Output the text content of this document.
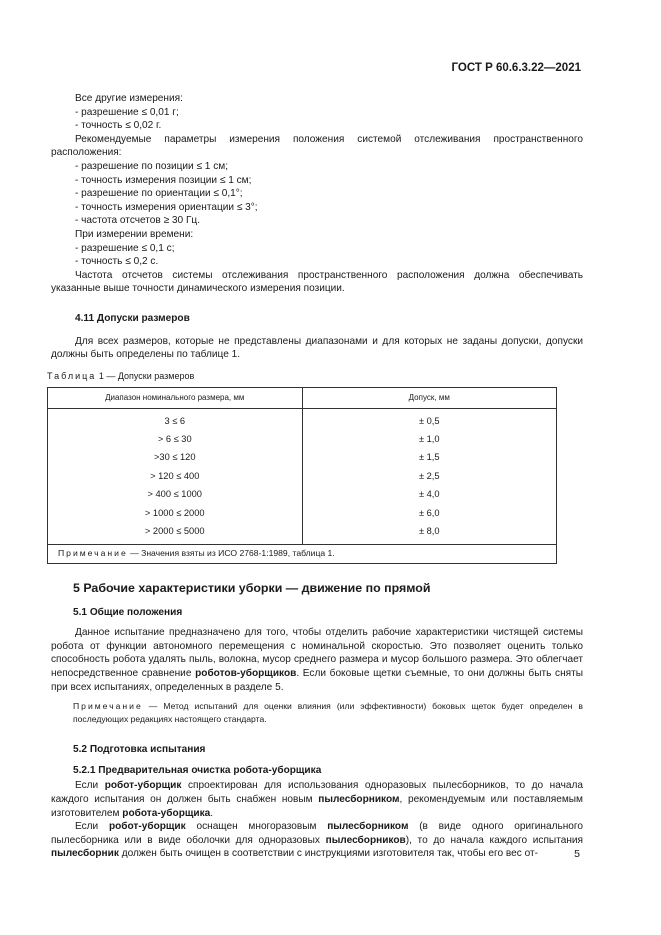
ГОСТ Р 60.6.3.22—2021

Все другие измерения:

- разрешение ≤ 0,01 г;

- точность ≤ 0,02 г.

Рекомендуемые параметры измерения положения системой отслеживания пространственного расположения:

- разрешение по позиции ≤ 1 см;

- точность измерения позиции ≤ 1 см;

- разрешение по ориентации ≤ 0,1°;

- точность измерения ориентации ≤ 3°;

- частота отсчетов ≥ 30 Гц.

При измерении времени:

- разрешение ≤ 0,1 с;

- точность ≤ 0,2 с.

Частота отсчетов системы отслеживания пространственного расположения должна обеспечивать указанные выше точности динамического измерения позиции.

4.11 Допуски размеров

Для всех размеров, которые не представлены диапазонами и для которых не заданы допуски, допуски должны быть определены по таблице 1.

Таблица 1 — Допуски размеров

Диапазон номинального размера, мм	Допуск, мм
3 ≤ 6	± 0,5
> 6 ≤ 30	± 1,0
>30 ≤ 120	± 1,5
> 120 ≤ 400	± 2,5
> 400 ≤ 1000	± 4,0
> 1000 ≤ 2000	± 6,0
> 2000 ≤ 5000	± 8,0
Примечание — Значения взяты из ИСО 2768-1:1989, таблица 1.	
5 Рабочие характеристики уборки — движение по прямой

5.1 Общие положения

Данное испытание предназначено для того, чтобы отделить рабочие характеристики чистящей системы робота от функции автономного перемещения с номинальной скоростью. Это позволяет оценить только способность робота удалять пыль, волокна, мусор среднего размера и мусор большого размера. Это облегчает непосредственное сравнение роботов-уборщиков. Если боковые щетки съемные, то они должны быть сняты при всех испытаниях, определенных в разделе 5.

Примечание — Метод испытаний для оценки влияния (или эффективности) боковых щеток будет определен в последующих редакциях настоящего стандарта.

5.2 Подготовка испытания

5.2.1 Предварительная очистка робота-уборщика

Если робот-уборщик спроектирован для использования одноразовых пылесборников, то до начала каждого испытания он должен быть снабжен новым пылесборником, рекомендуемым или поставляемым изготовителем робота-уборщика.

Если робот-уборщик оснащен многоразовым пылесборником (в виде одного оригинального пылесборника или в виде оболочки для одноразовых пылесборников), то до начала каждого испытания пылесборник должен быть очищен в соответствии с инструкциями изготовителя так, чтобы его вес от-	5
